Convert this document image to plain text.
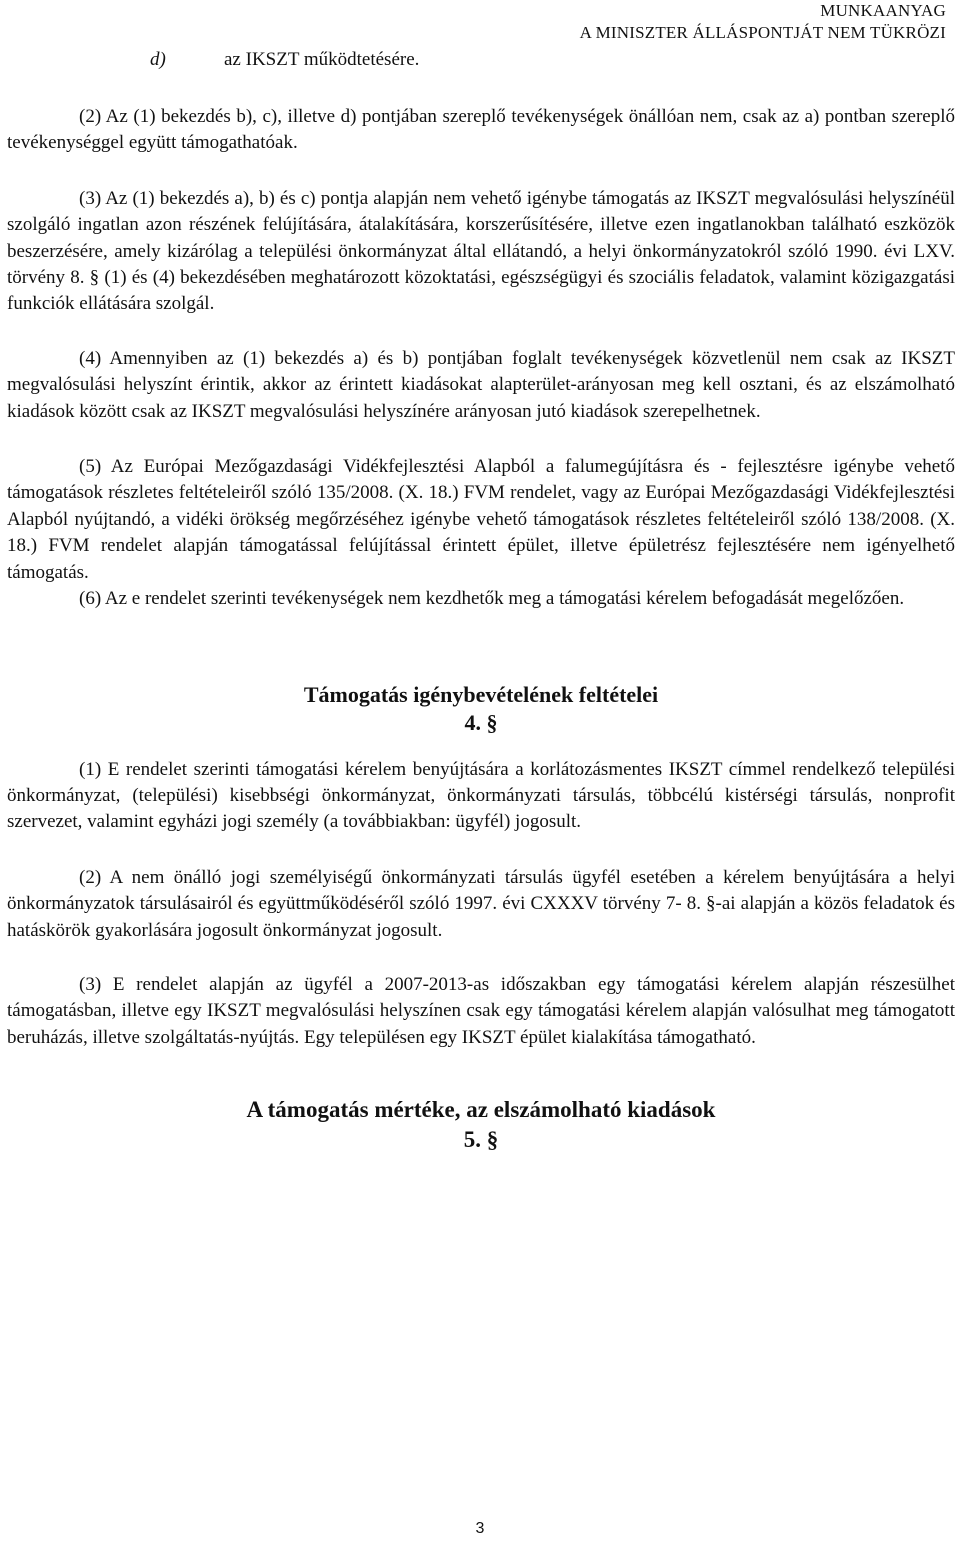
MUNKAANYAG
A MINISZTER ÁLLÁSPONTJÁT NEM TÜKRÖZI

d)	az IKSZT működtetésére.

(2) Az (1) bekezdés b), c), illetve d) pontjában szereplő tevékenységek önállóan nem, csak az a) pontban szereplő tevékenységgel együtt támogathatóak.

(3) Az (1) bekezdés a), b) és c) pontja alapján nem vehető igénybe támogatás az IKSZT megvalósulási helyszínéül szolgáló ingatlan azon részének felújítására, átalakítására, korszerűsítésére, illetve ezen ingatlanokban található eszközök beszerzésére, amely kizárólag a települési önkormányzat által ellátandó, a helyi önkormányzatokról szóló 1990. évi LXV. törvény 8. § (1) és (4) bekezdésében meghatározott közoktatási, egészségügyi és szociális feladatok, valamint közigazgatási funkciók ellátására szolgál.

(4) Amennyiben az (1) bekezdés a) és b) pontjában foglalt tevékenységek közvetlenül nem csak az IKSZT megvalósulási helyszínt érintik, akkor az érintett kiadásokat alapterület-arányosan meg kell osztani, és az elszámolható kiadások között csak az IKSZT megvalósulási helyszínére arányosan jutó kiadások szerepelhetnek.

(5) Az Európai Mezőgazdasági Vidékfejlesztési Alapból a falumegújításra és - fejlesztésre igénybe vehető támogatások részletes feltételeiről szóló 135/2008. (X. 18.) FVM rendelet, vagy az Európai Mezőgazdasági Vidékfejlesztési Alapból nyújtandó, a vidéki örökség megőrzéséhez igénybe vehető támogatások részletes feltételeiről szóló 138/2008. (X. 18.) FVM rendelet alapján támogatással felújítással érintett épület, illetve épületrész fejlesztésére nem igényelhető támogatás.

(6) Az e rendelet szerinti tevékenységek nem kezdhetők meg a támogatási kérelem befogadását megelőzően.

Támogatás igénybevételének feltételei

4. §

(1) E rendelet szerinti támogatási kérelem benyújtására a korlátozásmentes IKSZT címmel rendelkező települési önkormányzat, (települési) kisebbségi önkormányzat, önkormányzati társulás, többcélú kistérségi társulás, nonprofit szervezet, valamint egyházi jogi személy (a továbbiakban: ügyfél) jogosult.

(2) A nem önálló jogi személyiségű önkormányzati társulás ügyfél esetében a kérelem benyújtására a helyi önkormányzatok társulásairól és együttműködéséről szóló 1997. évi CXXXV törvény 7- 8. §-ai alapján a közös feladatok és hatáskörök gyakorlására jogosult önkormányzat jogosult.

(3) E rendelet alapján az ügyfél a 2007-2013-as időszakban egy támogatási kérelem alapján részesülhet támogatásban, illetve egy IKSZT megvalósulási helyszínen csak egy támogatási kérelem alapján valósulhat meg támogatott beruházás, illetve szolgáltatás-nyújtás. Egy településen egy IKSZT épület kialakítása támogatható.

A támogatás mértéke, az elszámolható kiadások

5. §

3
